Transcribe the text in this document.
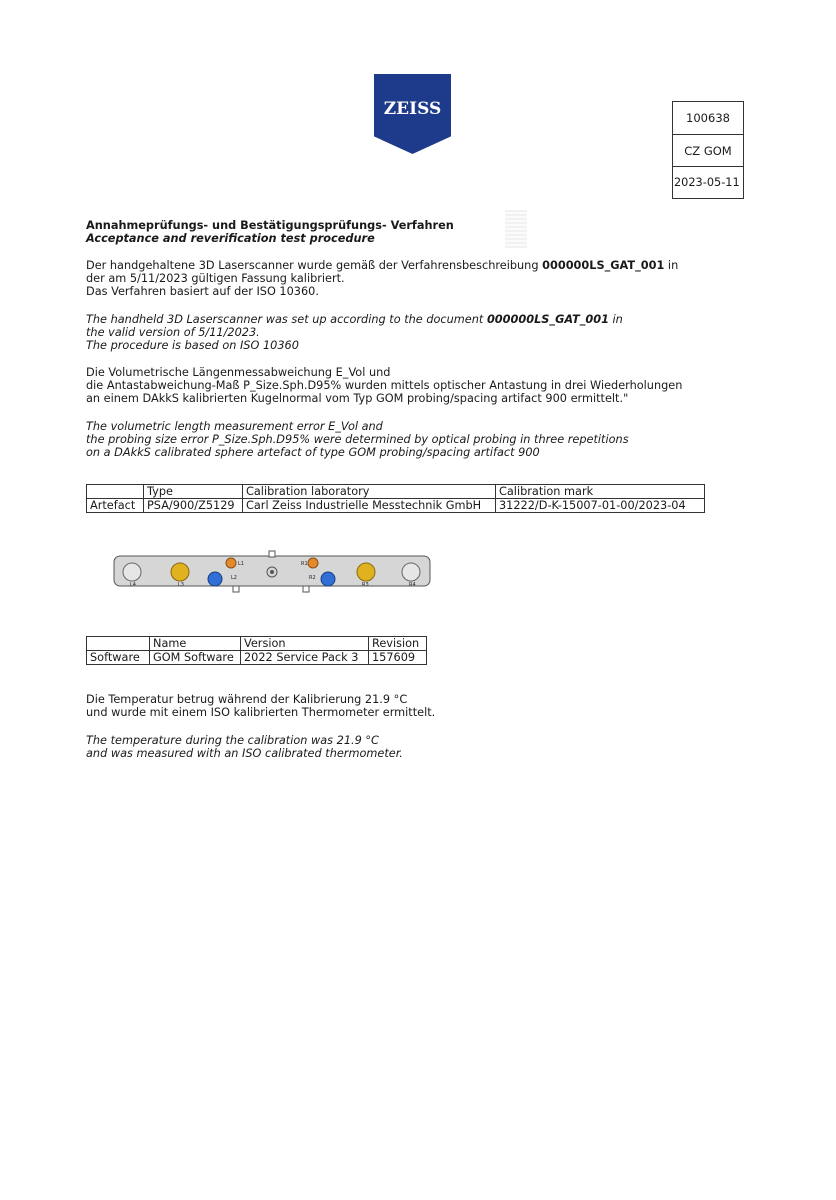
ZEISS	100638
CZ GOM
2023-05-11
Annahmeprüfungs- und Bestätigungsprüfungs- Verfahren
Acceptance and reverification test procedure
Der handgehaltene 3D Laserscanner wurde gemäß der Verfahrensbeschreibung 000000LS_GAT_001 in
der am 5/11/2023 gültigen Fassung kalibriert.
Das Verfahren basiert auf der ISO 10360.
The handheld 3D Laserscanner was set up according to the document 000000LS_GAT_001 in
the valid version of 5/11/2023.
The procedure is based on ISO 10360
Die Volumetrische Längenmessabweichung E_Vol und
die Antastabweichung-Maß P_Size.Sph.D95% wurden mittels optischer Antastung in drei Wiederholungen
an einem DAkkS kalibrierten Kugelnormal vom Typ GOM probing/spacing artifact 900 ermittelt."
The volumetric length measurement error E_Vol and
the probing size error P_Size.Sph.D95% were determined by optical probing in three repetitions
on a DAkkS calibrated sphere artefact of type GOM probing/spacing artifact 900
	Type	Calibration laboratory	Calibration mark
Artefact	PSA/900/Z5129	Carl Zeiss Industrielle Messtechnik GmbH	31222/D-K-15007-01-00/2023-04
L4	L3
L2
L1	R1
R2
R3	R4
	Name	Version	Revision
Software	GOM Software	2022 Service Pack 3	157609
Die Temperatur betrug während der Kalibrierung 21.9 °C
und wurde mit einem ISO kalibrierten Thermometer ermittelt.
The temperature during the calibration was 21.9 °C
and was measured with an ISO calibrated thermometer.
